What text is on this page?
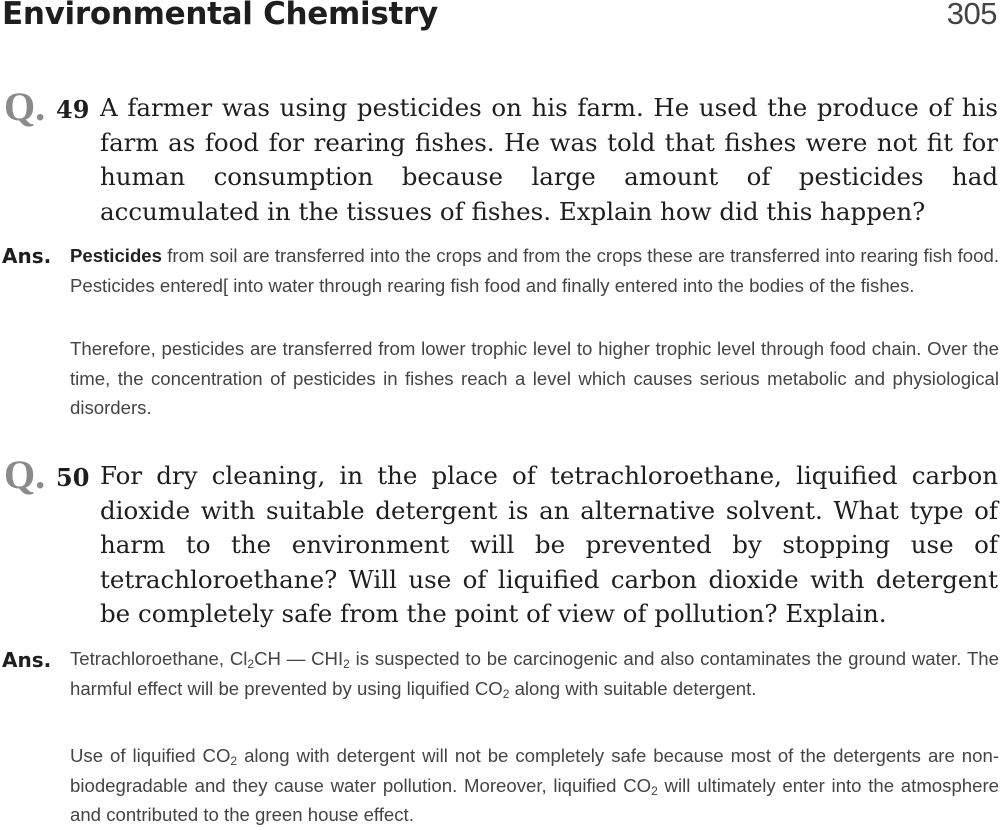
Environmental Chemistry	305
Q. 49 A farmer was using pesticides on his farm. He used the produce of his farm as food for rearing fishes. He was told that fishes were not fit for human consumption because large amount of pesticides had accumulated in the tissues of fishes. Explain how did this happen?

Ans. Pesticides from soil are transferred into the crops and from the crops these are transferred into rearing fish food. Pesticides entered[ into water through rearing fish food and finally entered into the bodies of the fishes.

Therefore, pesticides are transferred from lower trophic level to higher trophic level through food chain. Over the time, the concentration of pesticides in fishes reach a level which causes serious metabolic and physiological disorders.

Q. 50 For dry cleaning, in the place of tetrachloroethane, liquified carbon dioxide with suitable detergent is an alternative solvent. What type of harm to the environment will be prevented by stopping use of tetrachloroethane? Will use of liquified carbon dioxide with detergent be completely safe from the point of view of pollution? Explain.

Ans. Tetrachloroethane, $Cl_2CH$ — $CHI_2$ is suspected to be carcinogenic and also contaminates the ground water. The harmful effect will be prevented by using liquified $CO_2$ along with suitable detergent.

Use of liquified $CO_2$ along with detergent will not be completely safe because most of the detergents are non-biodegradable and they cause water pollution. Moreover, liquified $CO_2$ will ultimately enter into the atmosphere and contributed to the green house effect.
